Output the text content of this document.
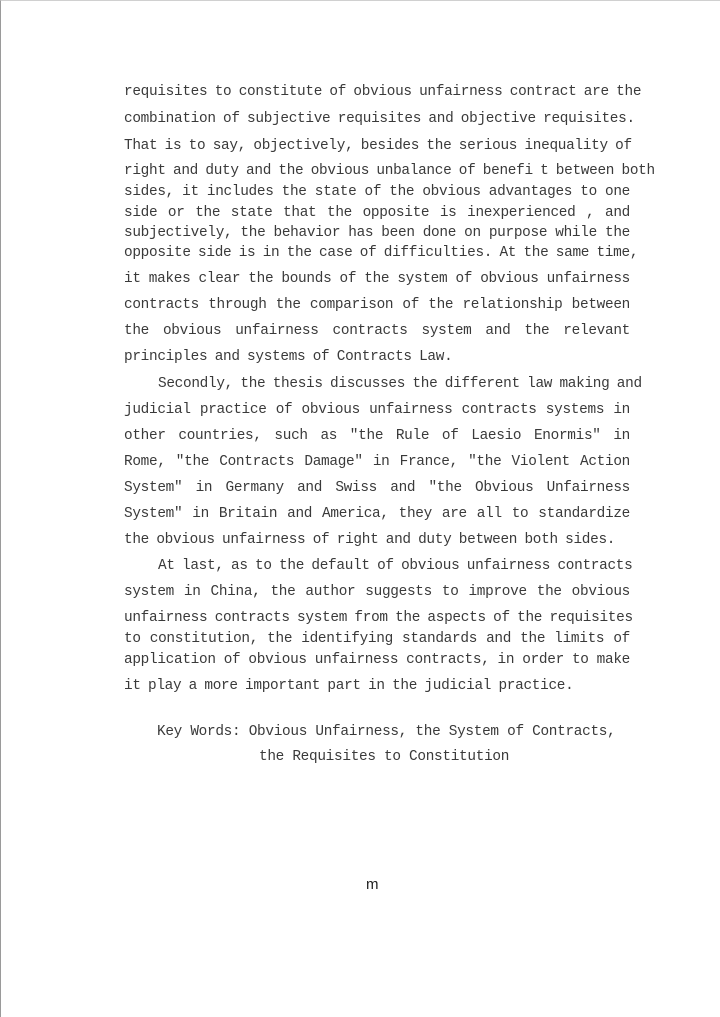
requisites to constitute of obvious unfairness contract are the
combination of subjective requisites and objective requisites.
That is to say, objectively, besides the serious inequality of
right and duty and the obvious unbalance of benefi t between both
sides, it includes the state of the obvious advantages to one
side or the state that the opposite is inexperienced , and
subjectively, the behavior has been done on purpose while the
opposite side is in the case of difficulties. At the same time,
it makes clear the bounds of the system of obvious unfairness
contracts through the comparison of the relationship between
the obvious unfairness contracts system and the relevant
principles and systems of Contracts Law.
Secondly, the thesis discusses the different law making and
judicial practice of obvious unfairness contracts systems in
other countries, such as "the Rule of Laesio Enormis" in
Rome, "the Contracts Damage" in France, "the Violent Action
System" in Germany and Swiss and "the Obvious Unfairness
System" in Britain and America, they are all to standardize
the obvious unfairness of right and duty between both sides.
At last, as to the default of obvious unfairness contracts
system in China, the author suggests to improve the obvious
unfairness contracts system from the aspects of the requisites
to constitution, the identifying standards and the limits of
application of obvious unfairness contracts, in order to make
it play a more important part in the judicial practice.
Key Words: Obvious Unfairness, the System of Contracts,
the Requisites to Constitution
m
